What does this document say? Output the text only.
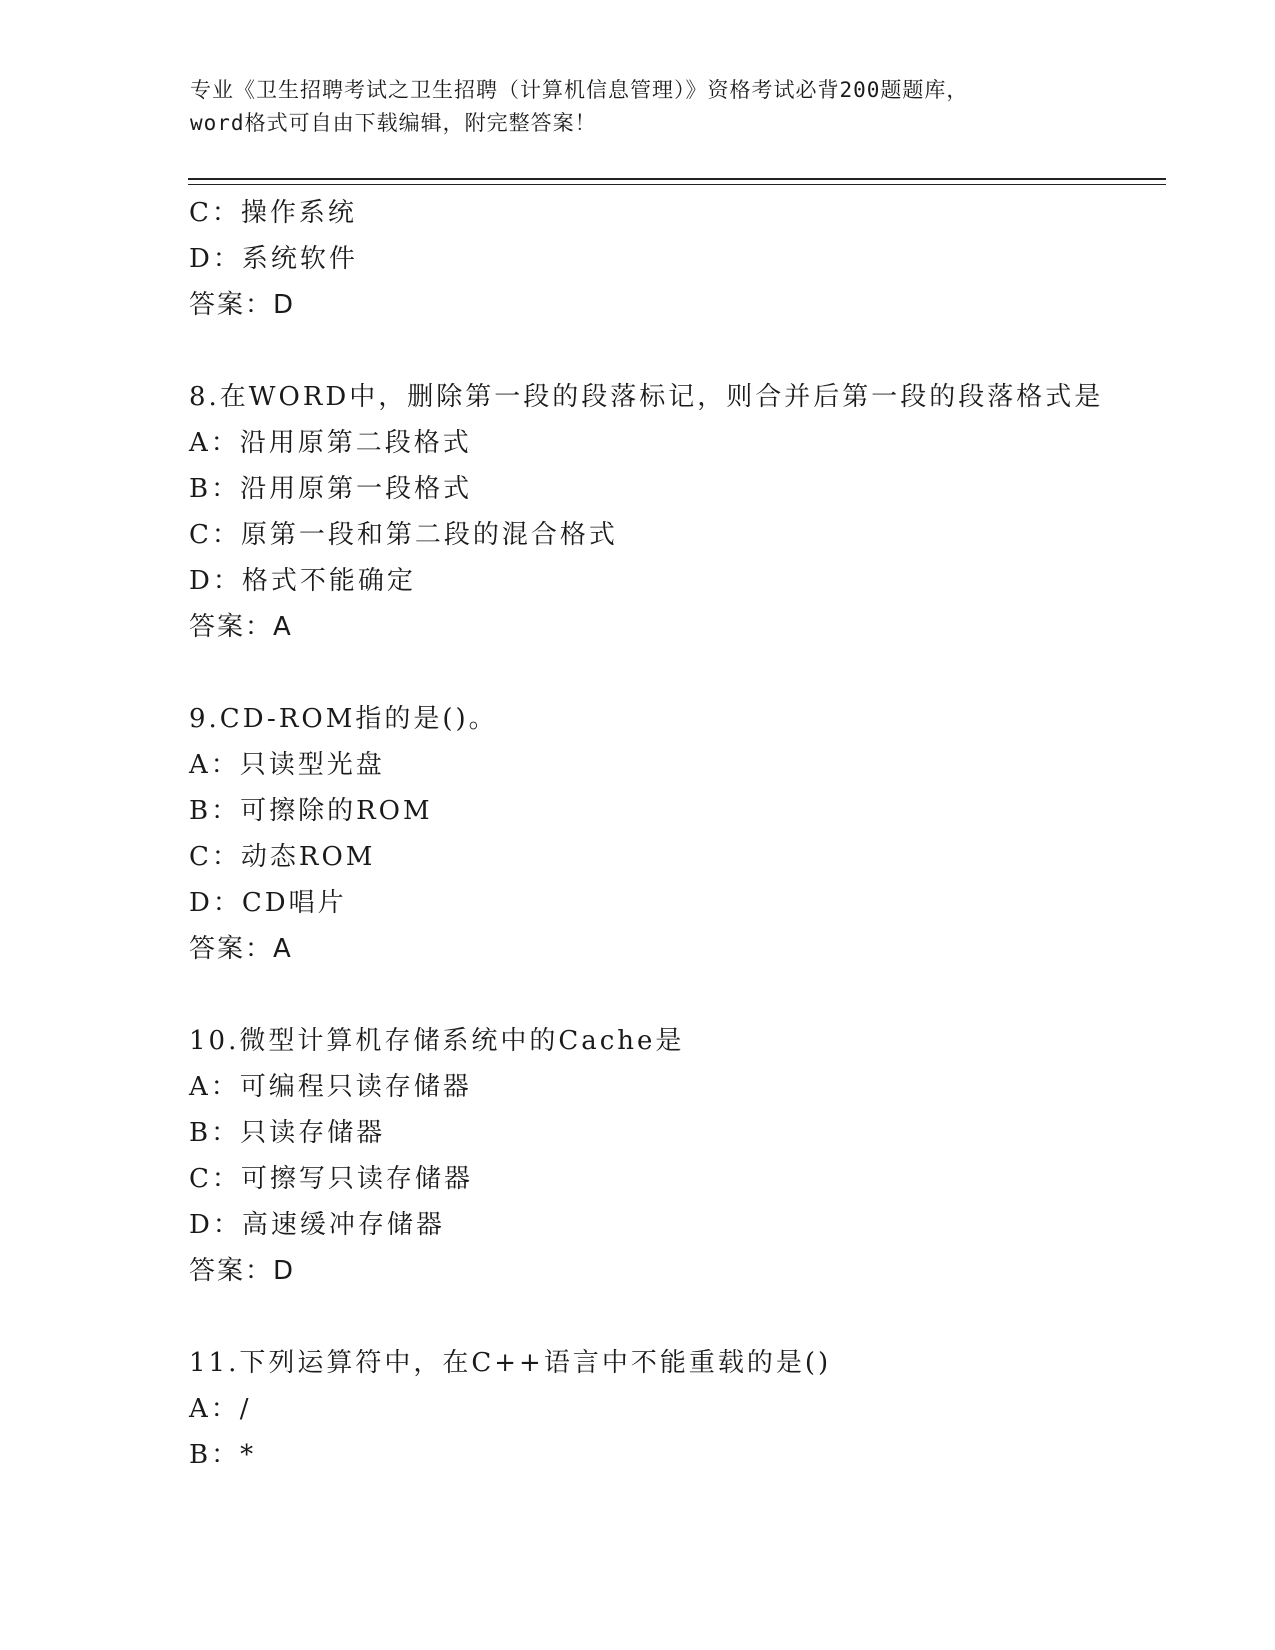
专业《卫生招聘考试之卫生招聘（计算机信息管理）》资格考试必背200题题库，
word格式可自由下载编辑，附完整答案！
C：操作系统
D：系统软件
答案：D
8.在WORD中，删除第一段的段落标记，则合并后第一段的段落格式是
A：沿用原第二段格式
B：沿用原第一段格式
C：原第一段和第二段的混合格式
D：格式不能确定
答案：A
9.CD-ROM指的是()。
A：只读型光盘
B：可擦除的ROM
C：动态ROM
D：CD唱片
答案：A
10.微型计算机存储系统中的Cache是
A：可编程只读存储器
B：只读存储器
C：可擦写只读存储器
D：高速缓冲存储器
答案：D
11.下列运算符中，在C++语言中不能重载的是()
A：/
B：*
